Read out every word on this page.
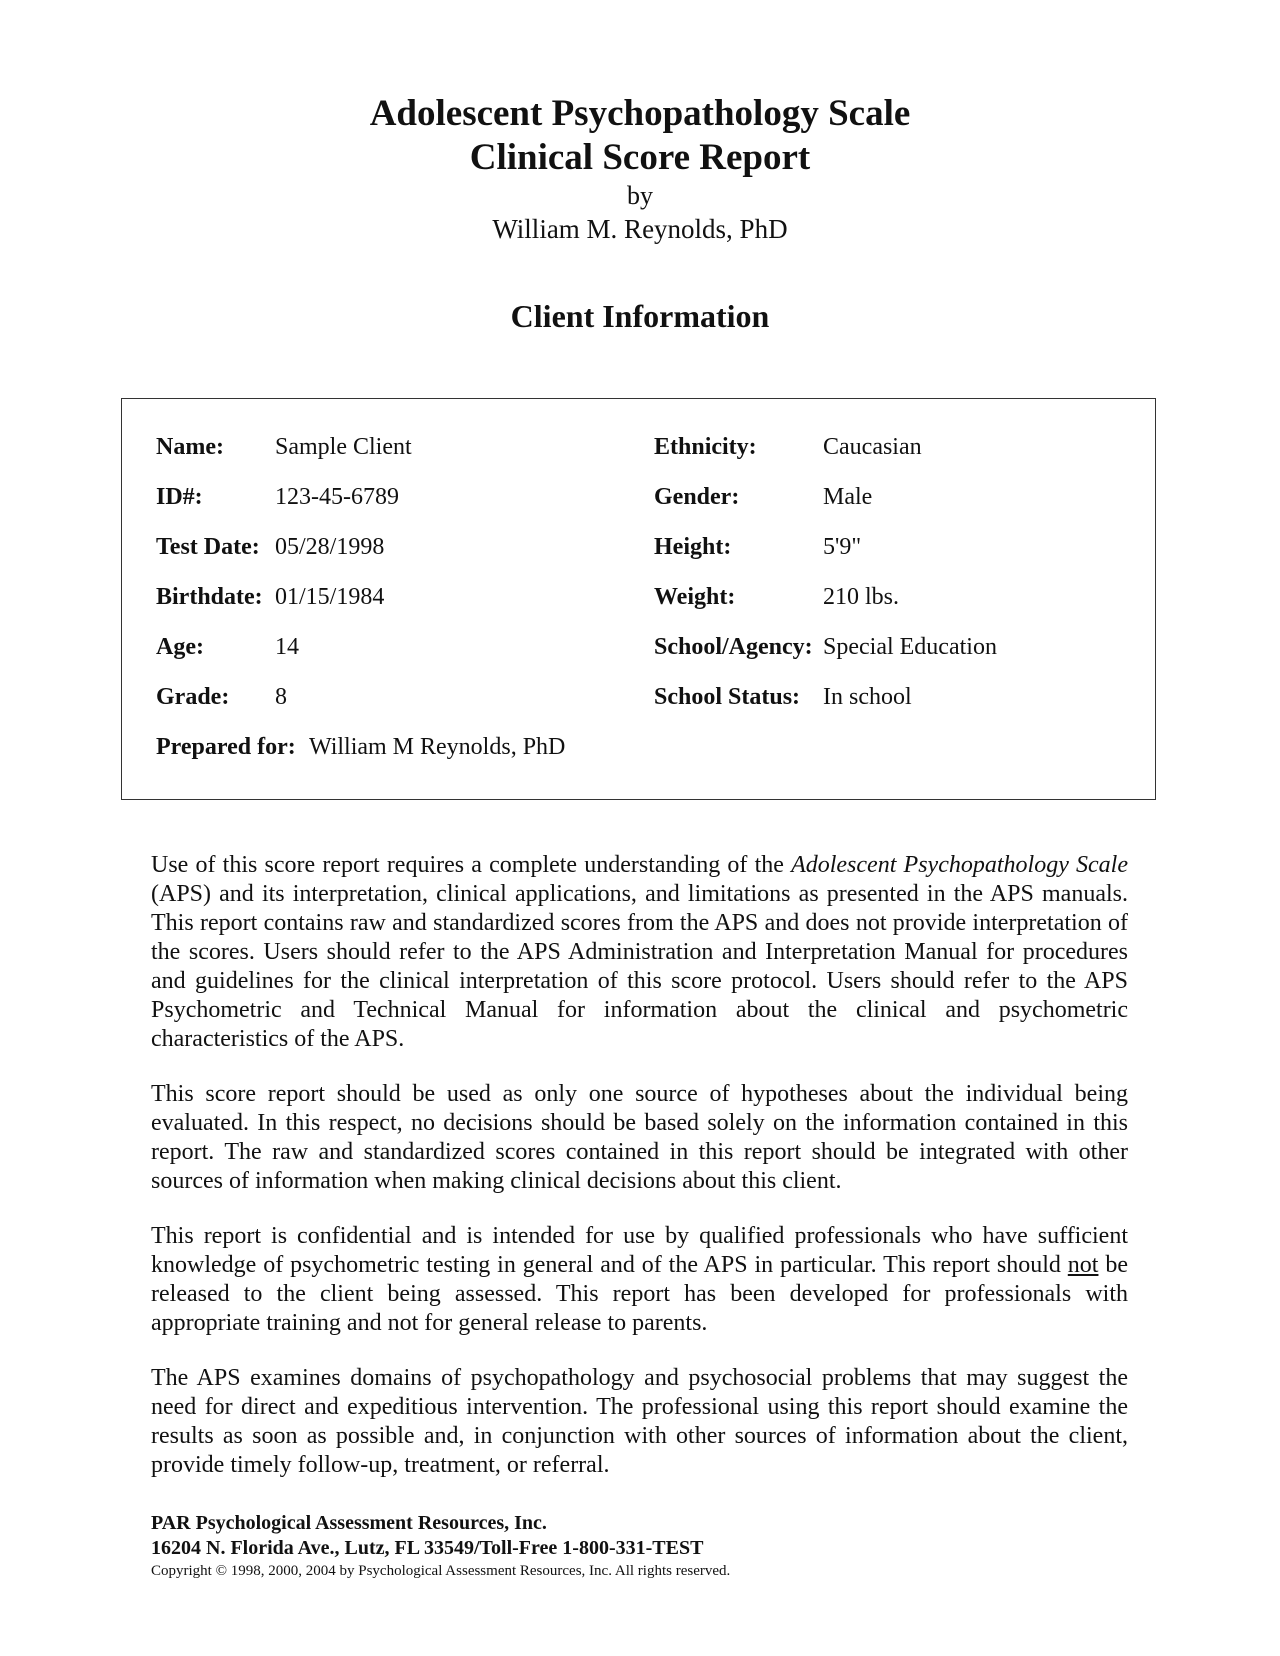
Adolescent Psychopathology Scale
Clinical Score Report
by
William M. Reynolds, PhD
Client Information
Name: Sample Client
ID#:	123-45-6789
Test Date: 05/28/1998
Birthdate: 01/15/1984
Age:	14
Grade: 8
Prepared for: William M Reynolds, PhD
Ethnicity:	Caucasian
Gender:	Male
Height:	5'9"
Weight:	210 lbs.
School/Agency: Special Education
School Status: In school

Use of this score report requires a complete understanding of the Adolescent Psychopathology Scale (APS) and its interpretation, clinical applications, and limitations as presented in the APS manuals. This report contains raw and standardized scores from the APS and does not provide interpretation of the scores. Users should refer to the APS Administration and Interpretation Manual for procedures and guidelines for the clinical interpretation of this score protocol. Users should refer to the APS Psychometric and Technical Manual for information about the clinical and psychometric characteristics of the APS.

This score report should be used as only one source of hypotheses about the individual being evaluated. In this respect, no decisions should be based solely on the information contained in this report. The raw and standardized scores contained in this report should be integrated with other sources of information when making clinical decisions about this client.

This report is confidential and is intended for use by qualified professionals who have sufficient knowledge of psychometric testing in general and of the APS in particular. This report should not be released to the client being assessed. This report has been developed for professionals with appropriate training and not for general release to parents.

The APS examines domains of psychopathology and psychosocial problems that may suggest the need for direct and expeditious intervention. The professional using this report should examine the results as soon as possible and, in conjunction with other sources of information about the client, provide timely follow-up, treatment, or referral.

PAR Psychological Assessment Resources, Inc.
16204 N. Florida Ave., Lutz, FL 33549/Toll-Free 1-800-331-TEST
Copyright © 1998, 2000, 2004 by Psychological Assessment Resources, Inc. All rights reserved.
